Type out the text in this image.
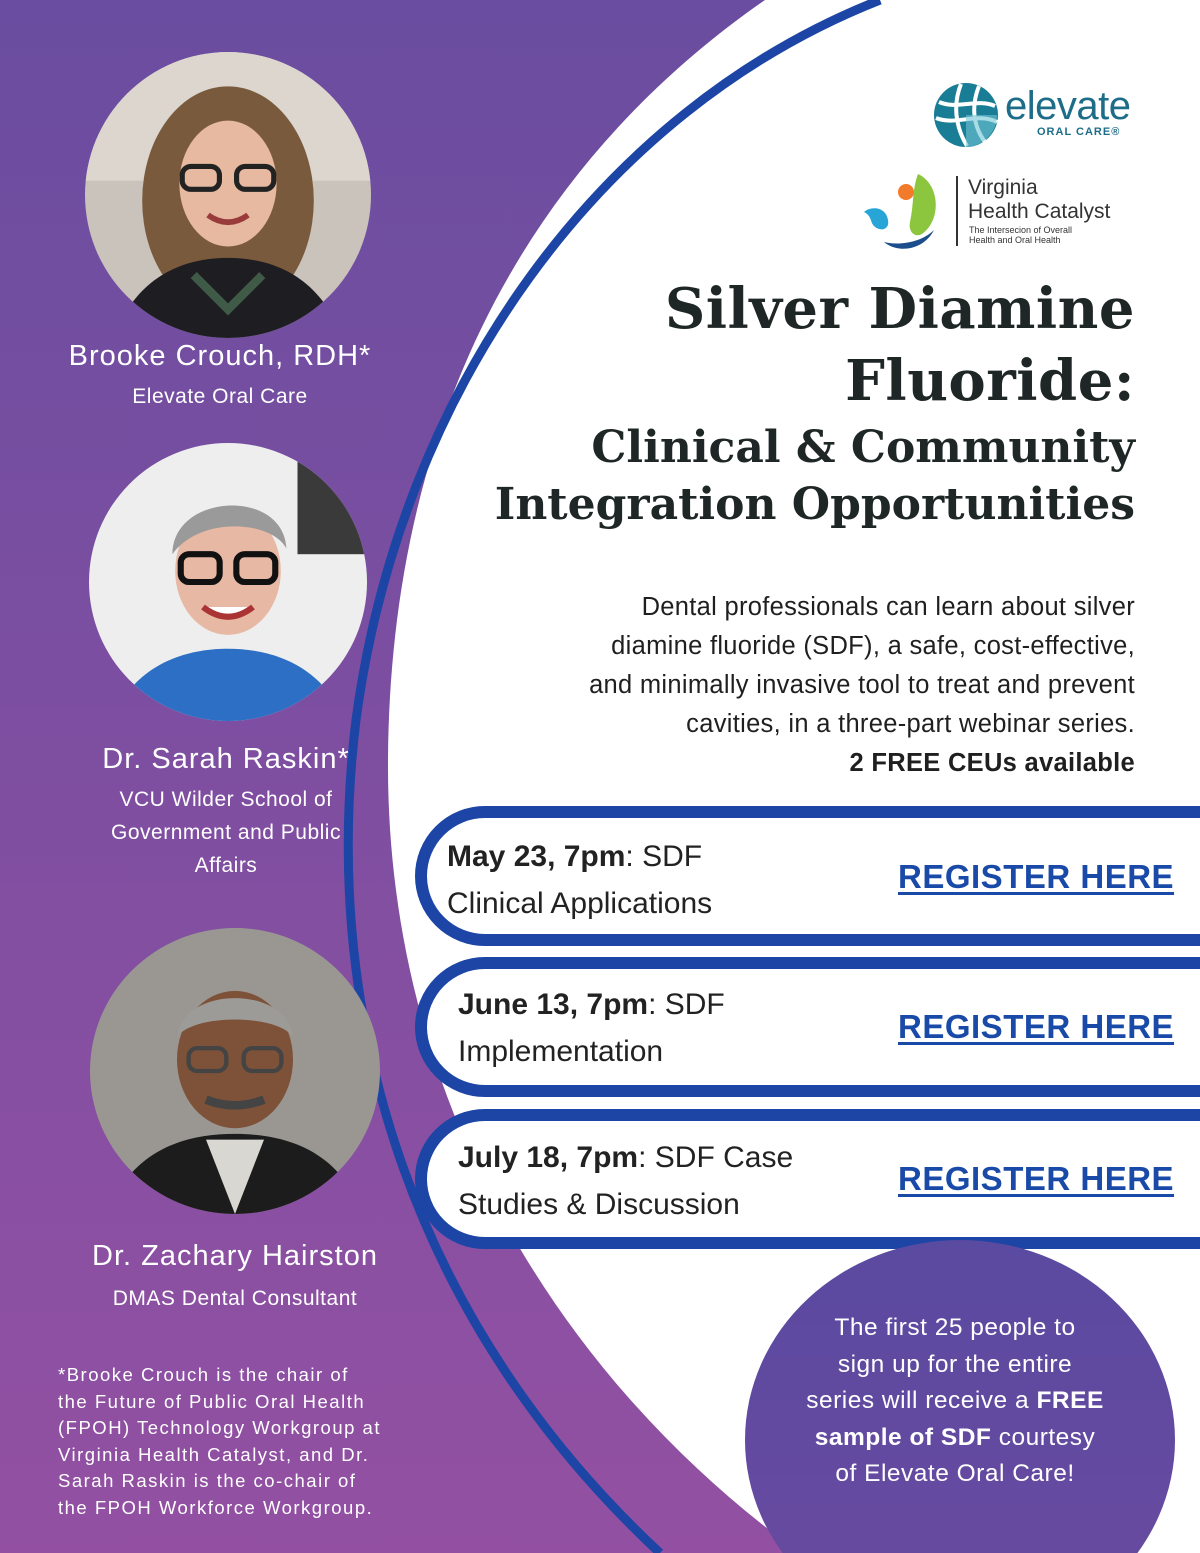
Brooke Crouch, RDH*
Elevate Oral Care
Dr. Sarah Raskin*
VCU Wilder School of
Government and Public
Affairs
Dr. Zachary Hairston
DMAS Dental Consultant
*Brooke Crouch is the chair of
the Future of Public Oral Health
(FPOH) Technology Workgroup at
Virginia Health Catalyst, and Dr.
Sarah Raskin is the co-chair of
the FPOH Workforce Workgroup.
elevate
ORAL CARE®
Virginia
Health Catalyst
The Intersecion of Overall
Health and Oral Health
Silver Diamine
Fluoride:
Clinical & Community
Integration Opportunities
Dental professionals can learn about silver
diamine fluoride (SDF), a safe, cost-effective,
and minimally invasive tool to treat and prevent
cavities, in a three-part webinar series.
2 FREE CEUs available
May 23, 7pm: SDF
Clinical Applications
REGISTER HERE
June 13, 7pm: SDF
Implementation
REGISTER HERE
July 18, 7pm: SDF Case
Studies & Discussion
REGISTER HERE
The first 25 people to
sign up for the entire
series will receive a FREE
sample of SDF courtesy
of Elevate Oral Care!
